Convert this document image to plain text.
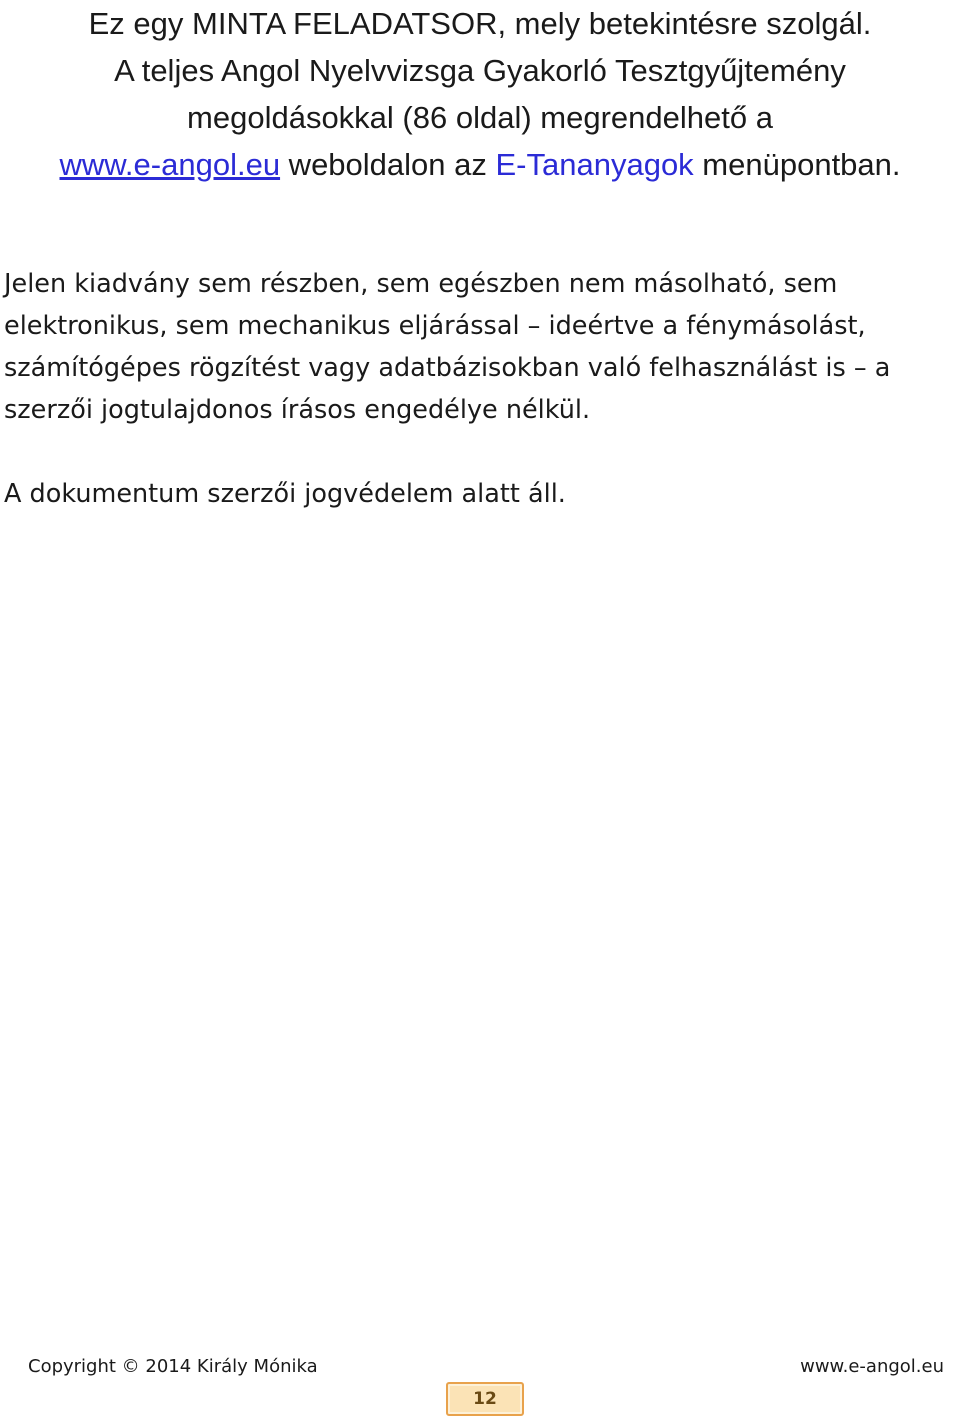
Ez egy MINTA FELADATSOR, mely betekintésre szolgál.
A teljes Angol Nyelvvizsga Gyakorló Tesztgyűjtemény
megoldásokkal (86 oldal) megrendelhető a
www.e-angol.eu weboldalon az E-Tananyagok menüpontban.
Jelen kiadvány sem részben, sem egészben nem másolható, sem
elektronikus, sem mechanikus eljárással – ideértve a fénymásolást,
számítógépes rögzítést vagy adatbázisokban való felhasználást is – a
szerzői jogtulajdonos írásos engedélye nélkül.
A dokumentum szerzői jogvédelem alatt áll.
Copyright © 2014 Király Mónika	www.e-angol.eu
12
